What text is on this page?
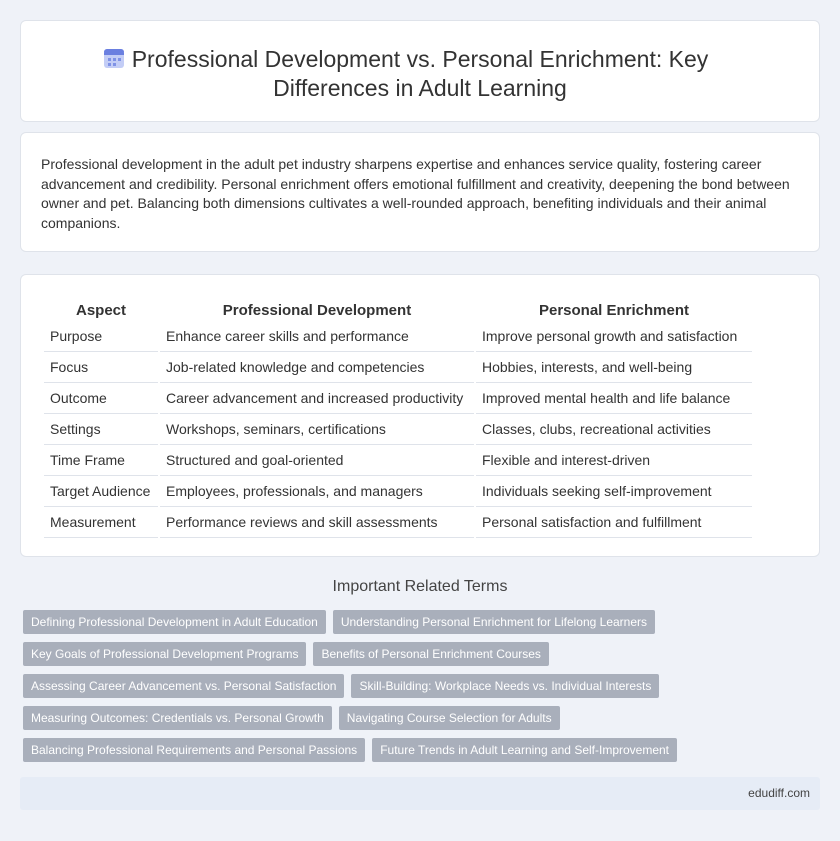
Professional Development vs. Personal Enrichment: Key Differences in Adult Learning

Professional development in the adult pet industry sharpens expertise and enhances service quality, fostering career advancement and credibility. Personal enrichment offers emotional fulfillment and creativity, deepening the bond between owner and pet. Balancing both dimensions cultivates a well-rounded approach, benefiting individuals and their animal companions.

Aspect	Professional Development	Personal Enrichment
Purpose	Enhance career skills and performance	Improve personal growth and satisfaction
Focus	Job-related knowledge and competencies	Hobbies, interests, and well-being
Outcome	Career advancement and increased productivity	Improved mental health and life balance
Settings	Workshops, seminars, certifications	Classes, clubs, recreational activities
Time Frame	Structured and goal-oriented	Flexible and interest-driven
Target Audience	Employees, professionals, and managers	Individuals seeking self-improvement
Measurement	Performance reviews and skill assessments	Personal satisfaction and fulfillment
Important Related Terms
Defining Professional Development in Adult Education	Understanding Personal Enrichment for Lifelong Learners
Key Goals of Professional Development Programs	Benefits of Personal Enrichment Courses
Assessing Career Advancement vs. Personal Satisfaction	Skill-Building: Workplace Needs vs. Individual Interests
Measuring Outcomes: Credentials vs. Personal Growth	Navigating Course Selection for Adults
Balancing Professional Requirements and Personal Passions	Future Trends in Adult Learning and Self-Improvement
edudiff.com
